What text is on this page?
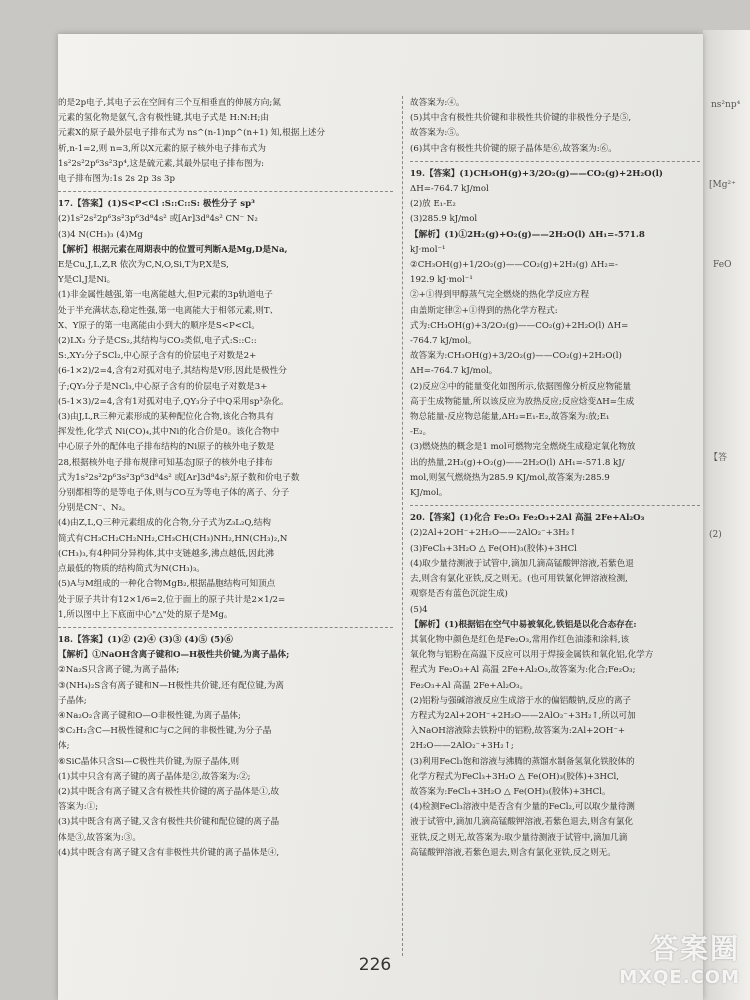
ns²np⁴
[Mg²⁺
FeO
【答
(2)
的是2p电子,其电子云在空间有三个互相垂直的伸展方向;氮
元素的氢化物是氨气,含有极性键,其电子式是 H:N:H;由
元素X的原子最外层电子排布式为 ns^(n-1)np^(n+1) 知,根据上述分
析,n-1=2,则 n=3,所以X元素的原子核外电子排布式为
1s²2s²2p⁶3s²3p⁴,这是硫元素,其最外层电子排布图为:
电子排布图为:1s 2s 2p 3s 3p
17.【答案】(1)S<P<Cl :S::C::S: 极性分子 sp³
(2)1s²2s²2p⁶3s²3p⁶3d⁸4s² 或[Ar]3d⁸4s² CN⁻ N₂
(3)4 N(CH₃)₃ (4)Mg
【解析】根据元素在周期表中的位置可判断A是Mg,D是Na,
E是Cu,J,L,Z,R 依次为C,N,O,Si,T为P,X是S,
Y是Cl,J是Ni。
(1)非金属性越强,第一电离能越大,但P元素的3p轨道电子
处于半充满状态,稳定性强,第一电离能大于相邻元素,则T、
X、Y原子的第一电离能由小到大的顺序是S<P<Cl。
(2)LX₂ 分子是CS₂,其结构与CO₂类似,电子式:S::C::
S:,XY₂分子SCl₂,中心原子含有的价层电子对数是2+
(6-1×2)/2=4,含有2对孤对电子,其结构是V形,因此是极性分
子;QY₃分子是NCl₃,中心原子含有的价层电子对数是3+
(5-1×3)/2=4,含有1对孤对电子,QY₃分子中Q采用sp³杂化。
(3)由J,L,R三种元素形成的某种配位化合物,该化合物具有
挥发性,化学式 Ni(CO)₄,其中Ni的化合价是0。该化合物中
中心原子外的配体电子排布结构的Ni原子的核外电子数是
28,根据核外电子排布规律可知基态J原子的核外电子排布
式为1s²2s²2p⁶3s²3p⁶3d⁸4s² 或[Ar]3d⁸4s²;原子数和价电子数
分别都相等的是等电子体,则与CO互为等电子体的离子、分子
分别是CN⁻、N₂。
(4)由Z,L,Q三种元素组成的化合物,分子式为Z₃L₂Q,结构
简式有CH₃CH₂CH₂NH₂,CH₃CH(CH₃)NH₂,HN(CH₃)₂,N
(CH₃)₃,有4种同分异构体,其中支链越多,沸点越低,因此沸
点最低的物质的结构简式为N(CH₃)₃。
(5)A与M组成的一种化合物MgB₂,根据晶胞结构可知顶点
处于原子共计有12×1/6=2,位于面上的原子共计是2×1/2=
1,所以图中上下底面中心"△"处的原子是Mg。
18.【答案】(1)② (2)④ (3)③ (4)⑤ (5)⑥
【解析】①NaOH含离子键和O—H极性共价键,为离子晶体;
②Na₂S只含离子键,为离子晶体;
③(NH₄)₂S含有离子键和N—H极性共价键,还有配位键,为离
子晶体;
④Na₂O₂含离子键和O—O非极性键,为离子晶体;
⑤C₂H₂含C—H极性键和C与C之间的非极性键,为分子晶
体;
⑥SiC晶体只含Si—C极性共价键,为原子晶体,则
(1)其中只含有离子键的离子晶体是②,故答案为:②;
(2)其中既含有离子键又含有极性共价键的离子晶体是①,故
答案为:①;
(3)其中既含有离子键,又含有极性共价键和配位键的离子晶
体是③,故答案为:③。
(4)其中既含有离子键又含有非极性共价键的离子晶体是④,
故答案为:④。
(5)其中含有极性共价键和非极性共价键的非极性分子是⑤,
故答案为:⑤。
(6)其中含有极性共价键的原子晶体是⑥,故答案为:⑥。
19.【答案】(1)CH₃OH(g)+3/2O₂(g)——CO₂(g)+2H₂O(l)
ΔH=-764.7 kJ/mol
(2)放 E₁-E₂
(3)285.9 kJ/mol
【解析】(1)①2H₂(g)+O₂(g)——2H₂O(l) ΔH₁=-571.8
kJ·mol⁻¹
②CH₃OH(g)+1/2O₂(g)——CO₂(g)+2H₂(g) ΔH₂=-
192.9 kJ·mol⁻¹
②+①得到甲醇蒸气完全燃烧的热化学反应方程
由盖斯定律②+①得到的热化学方程式:
式为:CH₃OH(g)+3/2O₂(g)——CO₂(g)+2H₂O(l) ΔH=
-764.7 kJ/mol。
故答案为:CH₃OH(g)+3/2O₂(g)——CO₂(g)+2H₂O(l)
ΔH=-764.7 kJ/mol。
(2)反应②中的能量变化如图所示,依据图像分析反应物能量
高于生成物能量,所以该反应为放热反应;反应焓变ΔH=生成
物总能量-反应物总能量,ΔH₂=E₁-E₂,故答案为:放;E₁
-E₂。
(3)燃烧热的概念是1 mol可燃物完全燃烧生成稳定氧化物放
出的热量,2H₂(g)+O₂(g)——2H₂O(l) ΔH₁=-571.8 kJ/
mol,则氢气燃烧热为285.9 KJ/mol,故答案为:285.9
KJ/mol。
20.【答案】(1)化合 Fe₂O₃ Fe₂O₃+2Al 高温 2Fe+Al₂O₃
(2)2Al+2OH⁻+2H₂O——2AlO₂⁻+3H₂↑
(3)FeCl₃+3H₂O △ Fe(OH)₃(胶体)+3HCl
(4)取少量待测液于试管中,滴加几滴高锰酸钾溶液,若紫色退
去,则含有氯化亚铁,反之则无。(也可用铁氰化钾溶液检测,
观察是否有蓝色沉淀生成)
(5)4
【解析】(1)根据铝在空气中易被氧化,铁铝是以化合态存在:
其氧化物中颜色是红色是Fe₂O₃,常用作红色油漆和涂料,该
氧化物与铝粉在高温下反应可以用于焊接金属铁和氧化铝,化学方
程式为 Fe₂O₃+Al 高温 2Fe+Al₂O₃,故答案为:化合;Fe₂O₃;
Fe₂O₃+Al 高温 2Fe+Al₂O₃。
(2)铝粉与强碱溶液反应生成溶于水的偏铝酸钠,反应的离子
方程式为2Al+2OH⁻+2H₂O——2AlO₂⁻+3H₂↑,所以可加
入NaOH溶液除去铁粉中的铝粉,故答案为:2Al+2OH⁻+
2H₂O——2AlO₂⁻+3H₂↑;
(3)利用FeCl₃饱和溶液与沸腾的蒸馏水制备氢氧化铁胶体的
化学方程式为FeCl₃+3H₂O △ Fe(OH)₃(胶体)+3HCl,
故答案为:FeCl₃+3H₂O △ Fe(OH)₃(胶体)+3HCl。
(4)检测FeCl₃溶液中是否含有少量的FeCl₂,可以取少量待测
液于试管中,滴加几滴高锰酸钾溶液,若紫色退去,则含有氯化
亚铁,反之则无,故答案为:取少量待测液于试管中,滴加几滴
高锰酸钾溶液,若紫色退去,则含有氯化亚铁,反之则无。
226	答案圈
MXQE.COM
